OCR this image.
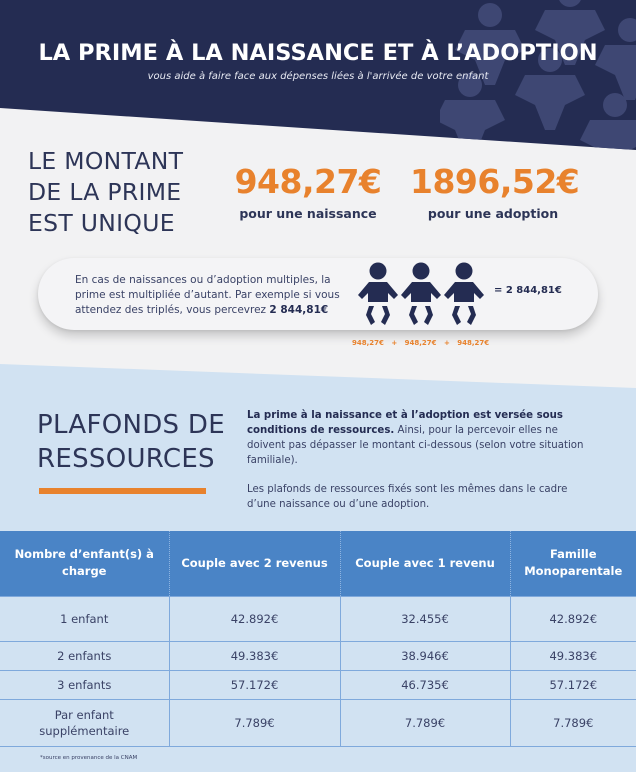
LA PRIME À LA NAISSANCE ET À L’ADOPTION
vous aide à faire face aux dépenses liées à l'arrivée de votre enfant
LE MONTANT
DE LA PRIME
EST UNIQUE
948,27€
pour une naissance
1896,52€
pour une adoption
En cas de naissances ou d’adoption multiples, la prime est multipliée d’autant. Par exemple si vous attendez des triplés, vous percevrez 2 844,81€
= 2 844,81€
948,27€ + 948,27€ + 948,27€
PLAFONDS DE
RESSOURCES

La prime à la naissance et à l’adoption est versée sous conditions de ressources. Ainsi, pour la percevoir elles ne doivent pas dépasser le montant ci-dessous (selon votre situation familiale).

Les plafonds de ressources fixés sont les mêmes dans le cadre d’une naissance ou d’une adoption.

Nombre d’enfant(s) à charge	Couple avec 2 revenus	Couple avec 1 revenu	Famille Monoparentale
1 enfant	42.892€	32.455€	42.892€
2 enfants	49.383€	38.946€	49.383€
3 enfants	57.172€	46.735€	57.172€
Par enfant supplémentaire	7.789€	7.789€	7.789€
*source en provenance de la CNAM
